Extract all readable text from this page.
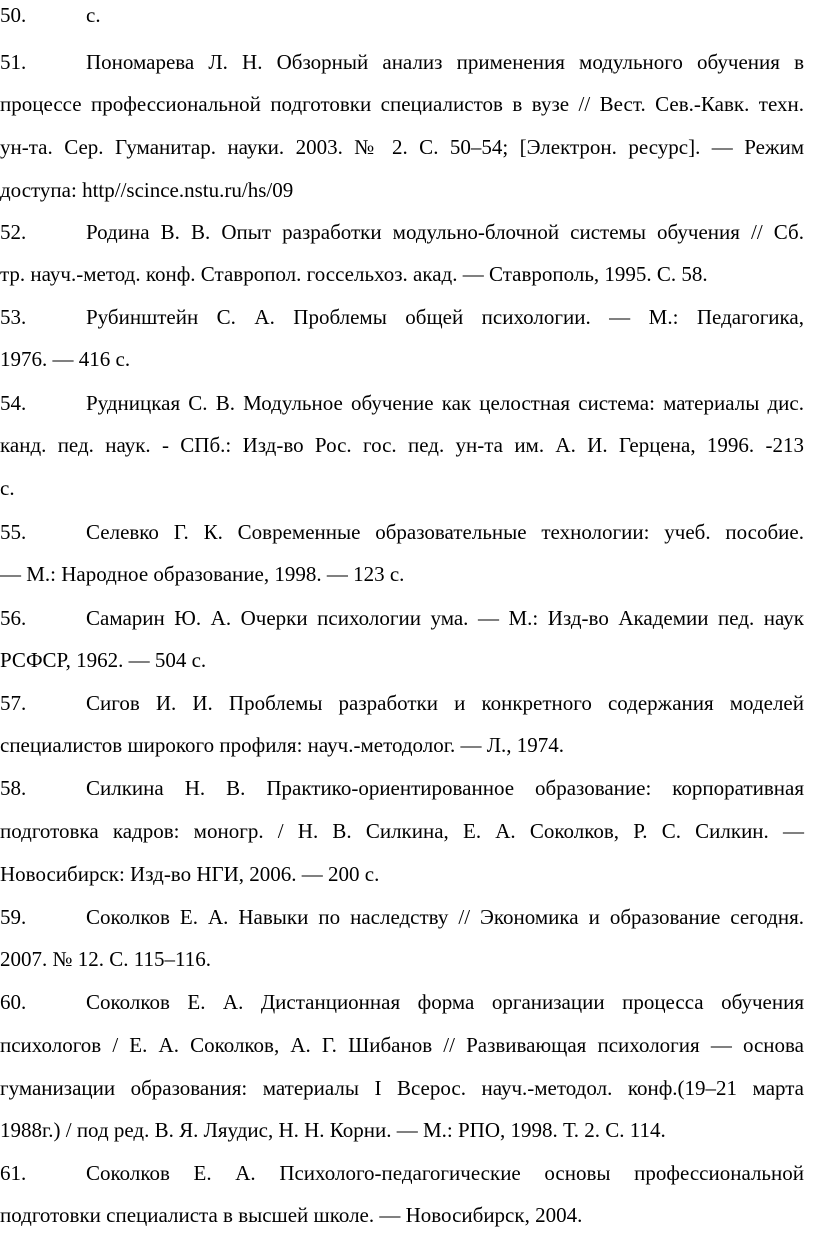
50.	с.
51.	Пономарева Л. Н. Обзорный анализ применения модульного обучения в
процессе профессиональной подготовки специалистов в вузе // Вест. Сев.-Кавк. техн.
ун-та. Сер. Гуманитар. науки. 2003. № 2. С. 50–54; [Электрон. ресурс]. — Режим
доступа: http//scince.nstu.ru/hs/09
52.	Родина В. В. Опыт разработки модульно-блочной системы обучения // Сб.
тр. науч.-метод. конф. Ставропол. госсельхоз. акад. — Ставрополь, 1995. С. 58.
53.	Рубинштейн С. А. Проблемы общей психологии. — М.: Педагогика,
1976. — 416 с.
54.	Рудницкая С. В. Модульное обучение как целостная система: материалы дис.
канд. пед. наук. - СПб.: Изд-во Рос. гос. пед. ун-та им. А. И. Герцена, 1996. -213
с.
55.	Селевко Г. К. Современные образовательные технологии: учеб. пособие.
— М.: Народное образование, 1998. — 123 с.
56.	Самарин Ю. А. Очерки психологии ума. — М.: Изд-во Академии пед. наук
РСФСР, 1962. — 504 с.
57.	Сигов И. И. Проблемы разработки и конкретного содержания моделей
специалистов широкого профиля: науч.-методолог. — Л., 1974.
58.	Силкина Н. В. Практико-ориентированное образование: корпоративная
подготовка кадров: моногр. / Н. В. Силкина, Е. А. Соколков, Р. С. Силкин. —
Новосибирск: Изд-во НГИ, 2006. — 200 с.
59.	Соколков Е. А. Навыки по наследству // Экономика и образование сегодня.
2007. № 12. С. 115–116.
60.	Соколков Е. А. Дистанционная форма организации процесса обучения
психологов / Е. А. Соколков, А. Г. Шибанов // Развивающая психология — основа
гуманизации образования: материалы I Всерос. науч.-методол. конф.(19–21 марта
1988г.) / под ред. В. Я. Ляудис, Н. Н. Корни. — М.: РПО, 1998. Т. 2. С. 114.
61.	Соколков Е. А. Психолого-педагогические основы профессиональной
подготовки специалиста в высшей школе. — Новосибирск, 2004.
